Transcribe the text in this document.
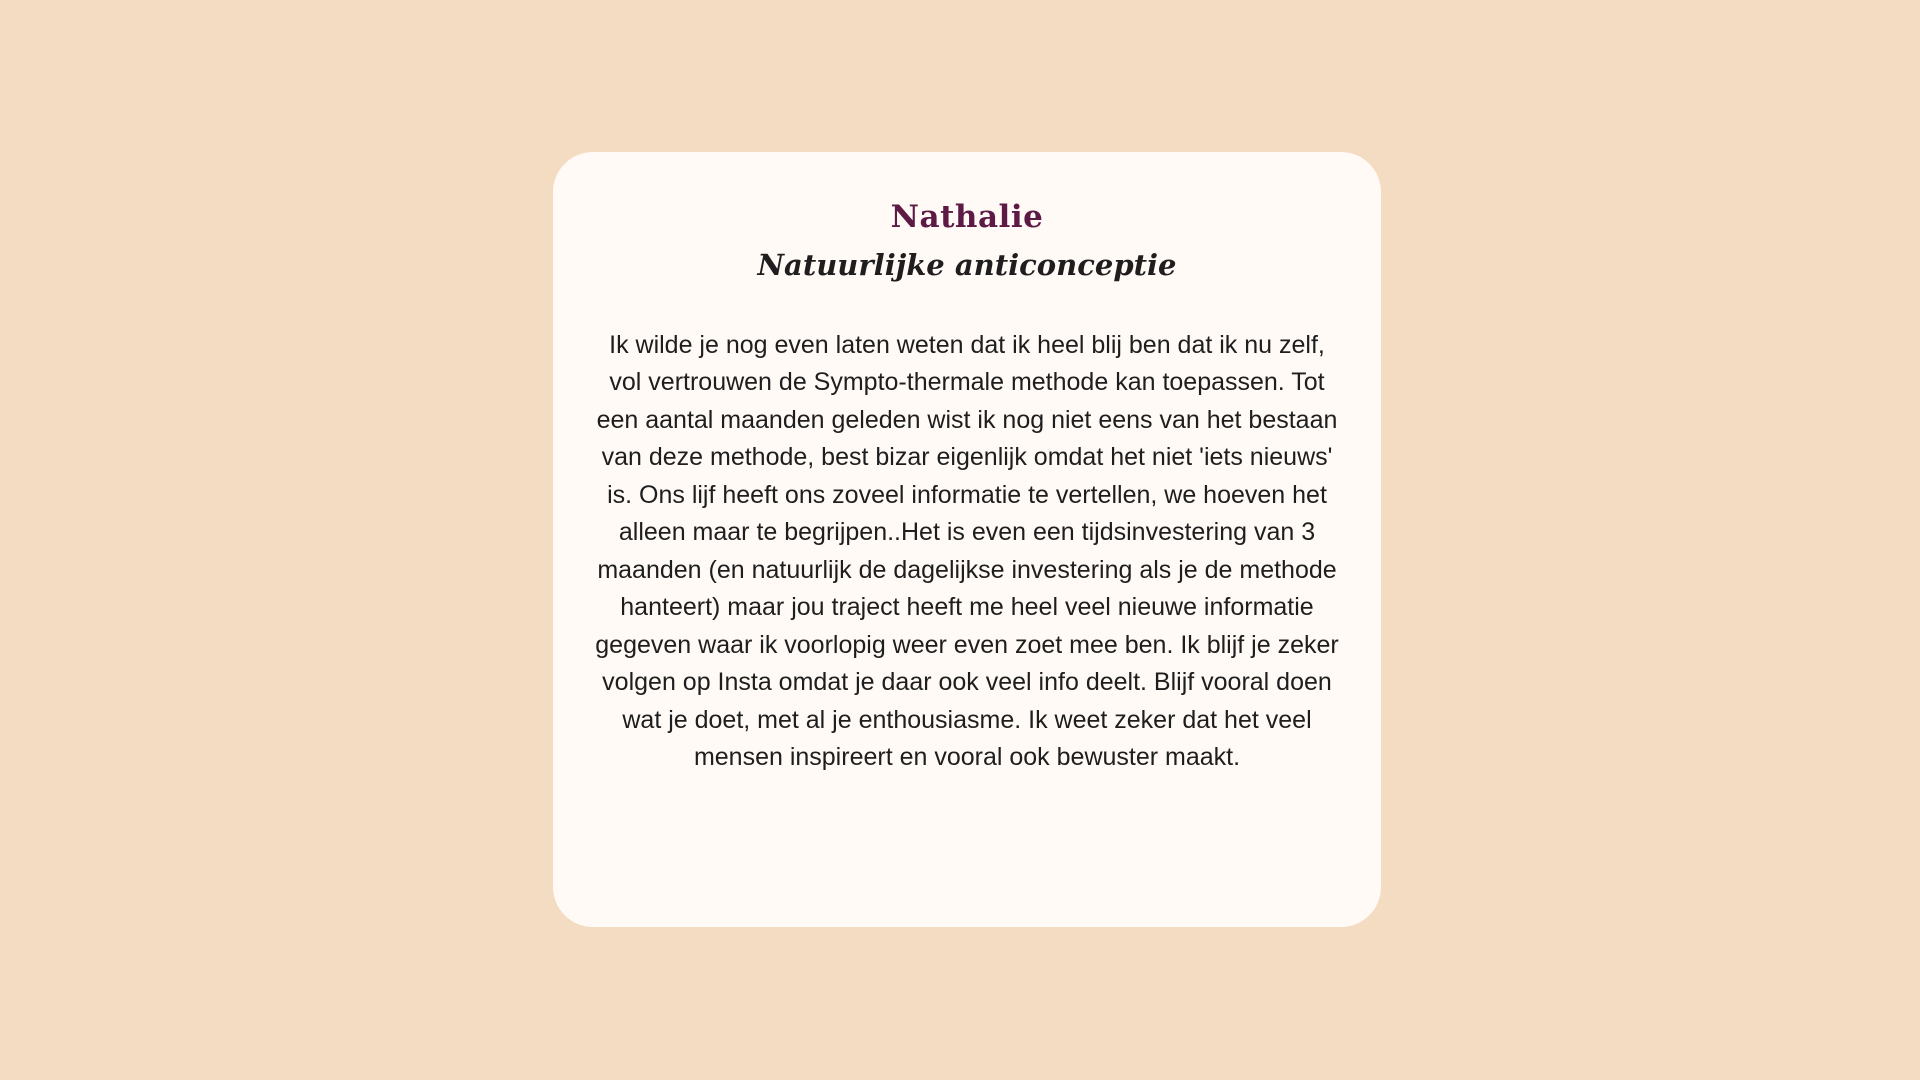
Nathalie
Natuurlijke anticonceptie

Ik wilde je nog even laten weten dat ik heel blij ben dat ik nu zelf, vol vertrouwen de Sympto-thermale methode kan toepassen. Tot een aantal maanden geleden wist ik nog niet eens van het bestaan van deze methode, best bizar eigenlijk omdat het niet 'iets nieuws' is. Ons lijf heeft ons zoveel informatie te vertellen, we hoeven het alleen maar te begrijpen..Het is even een tijdsinvestering van 3 maanden (en natuurlijk de dagelijkse investering als je de methode hanteert) maar jou traject heeft me heel veel nieuwe informatie gegeven waar ik voorlopig weer even zoet mee ben. Ik blijf je zeker volgen op Insta omdat je daar ook veel info deelt. Blijf vooral doen wat je doet, met al je enthousiasme. Ik weet zeker dat het veel mensen inspireert en vooral ook bewuster maakt.
